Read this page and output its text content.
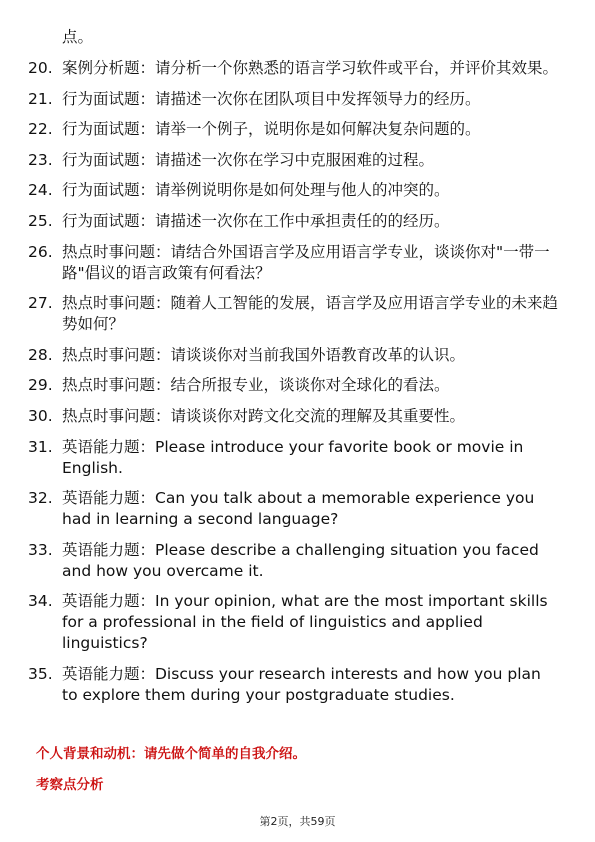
点。

20. 案例分析题：请分析一个你熟悉的语言学习软件或平台，并评价其效果。
21. 行为面试题：请描述一次你在团队项目中发挥领导力的经历。
22. 行为面试题：请举一个例子，说明你是如何解决复杂问题的。
23. 行为面试题：请描述一次你在学习中克服困难的过程。
24. 行为面试题：请举例说明你是如何处理与他人的冲突的。
25. 行为面试题：请描述一次你在工作中承担责任的的经历。
26. 热点时事问题：请结合外国语言学及应用语言学专业，谈谈你对"一带一路"倡议的语言政策有何看法？
27. 热点时事问题：随着人工智能的发展，语言学及应用语言学专业的未来趋势如何？
28. 热点时事问题：请谈谈你对当前我国外语教育改革的认识。
29. 热点时事问题：结合所报专业，谈谈你对全球化的看法。
30. 热点时事问题：请谈谈你对跨文化交流的理解及其重要性。
31. 英语能力题：Please introduce your favorite book or movie in English.
32. 英语能力题：Can you talk about a memorable experience you had in learning a second language?
33. 英语能力题：Please describe a challenging situation you faced and how you overcame it.
34. 英语能力题：In your opinion, what are the most important skills for a professional in the field of linguistics and applied linguistics?
35. 英语能力题：Discuss your research interests and how you plan to explore them during your postgraduate studies.

个人背景和动机：请先做个简单的自我介绍。

考察点分析

第2页，共59页
